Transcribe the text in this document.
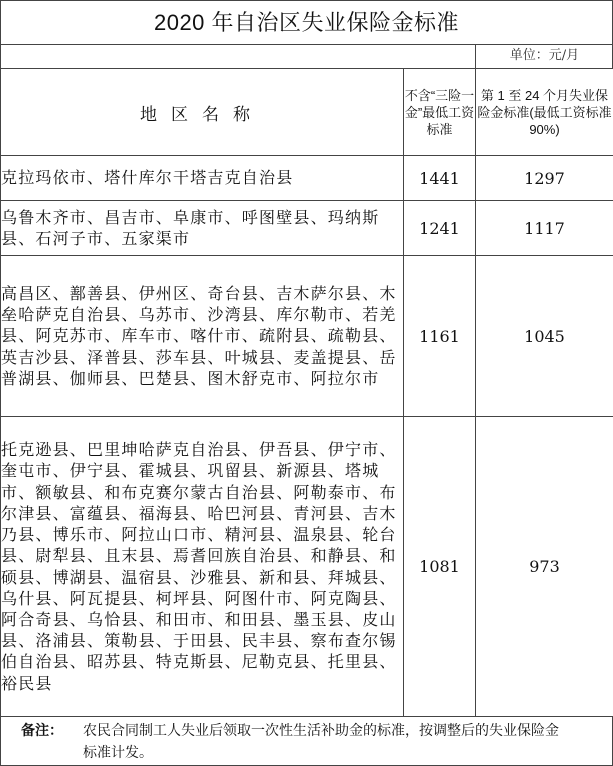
2020 年自治区失业保险金标准
单位：元/月
地区名称	不含“三险一金”最低工资标准	第 1 至 24 个月失业保险金标准(最低工资标准 90%)
克拉玛依市、塔什库尔干塔吉克自治县	1441	1297
乌鲁木齐市、昌吉市、阜康市、呼图壁县、玛纳斯县、石河子市、五家渠市	1241	1117
高昌区、鄯善县、伊州区、奇台县、吉木萨尔县、木垒哈萨克自治县、乌苏市、沙湾县、库尔勒市、若羌县、阿克苏市、库车市、喀什市、疏附县、疏勒县、英吉沙县、泽普县、莎车县、叶城县、麦盖提县、岳普湖县、伽师县、巴楚县、图木舒克市、阿拉尔市	1161	1045
托克逊县、巴里坤哈萨克自治县、伊吾县、伊宁市、奎屯市、伊宁县、霍城县、巩留县、新源县、塔城市、额敏县、和布克赛尔蒙古自治县、阿勒泰市、布尔津县、富蕴县、福海县、哈巴河县、青河县、吉木乃县、博乐市、阿拉山口市、精河县、温泉县、轮台县、尉犁县、且末县、焉耆回族自治县、和静县、和硕县、博湖县、温宿县、沙雅县、新和县、拜城县、乌什县、阿瓦提县、柯坪县、阿图什市、阿克陶县、阿合奇县、乌恰县、和田市、和田县、墨玉县、皮山县、洛浦县、策勒县、于田县、民丰县、察布查尔锡伯自治县、昭苏县、特克斯县、尼勒克县、托里县、裕民县	1081	973
备注： 农民合同制工人失业后领取一次性生活补助金的标准，按调整后的失业保险金标准计发。
